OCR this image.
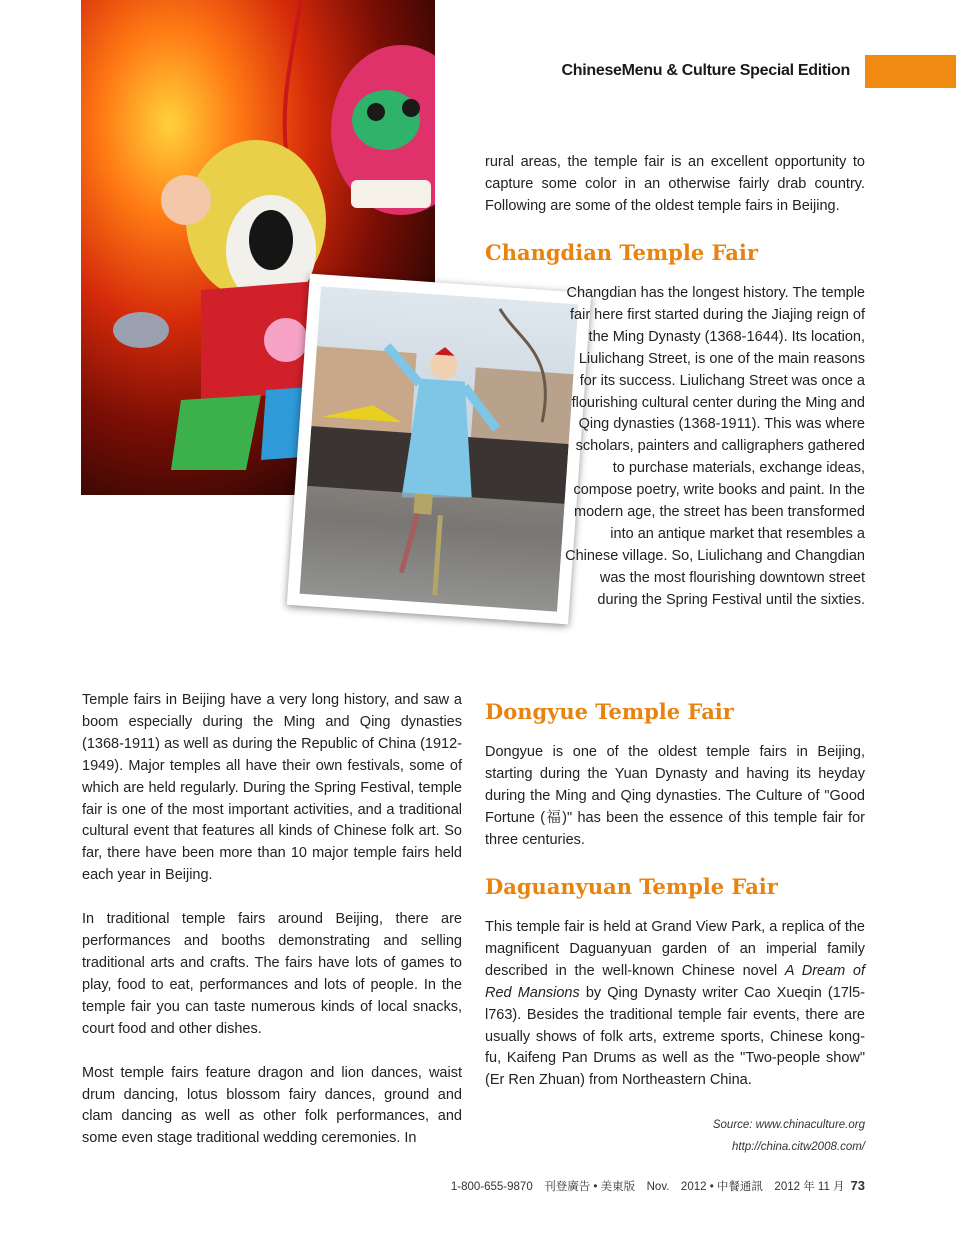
ChineseMenu & Culture Special Edition
rural areas, the temple fair is an excellent opportunity to capture some color in an otherwise fairly drab country. Following are some of the oldest temple fairs in Beijing.
Changdian Temple Fair
Changdian has the longest history. The temple fair here first started during the Jiajing reign of the Ming Dynasty (1368-1644). Its location, Liulichang Street, is one of the main reasons for its success. Liulichang Street was once a flourishing cultural center during the Ming and Qing dynasties (1368-1911). This was where scholars, painters and calligraphers gathered to purchase materials, exchange ideas, compose poetry, write books and paint. In the modern age, the street has been transformed into an antique market that resembles a Chinese village. So, Liulichang and Changdian was the most flourishing downtown street during the Spring Festival until the sixties.
Dongyue Temple Fair
Dongyue is one of the oldest temple fairs in Beijing, starting during the Yuan Dynasty and having its heyday during the Ming and Qing dynasties. The Culture of "Good Fortune (福)" has been the essence of this temple fair for three centuries.
Daguanyuan Temple Fair
This temple fair is held at Grand View Park, a replica of the magnificent Daguanyuan garden of an imperial family described in the well-known Chinese novel A Dream of Red Mansions by Qing Dynasty writer Cao Xueqin (17l5-l763). Besides the traditional temple fair events, there are usually shows of folk arts, extreme sports, Chinese kong-fu, Kaifeng Pan Drums as well as the "Two-people show" (Er Ren Zhuan) from Northeastern China.

Temple fairs in Beijing have a very long history, and saw a boom especially during the Ming and Qing dynasties (1368-1911) as well as during the Republic of China (1912-1949). Major temples all have their own festivals, some of which are held regularly. During the Spring Festival, temple fair is one of the most important activities, and a traditional cultural event that features all kinds of Chinese folk art. So far, there have been more than 10 major temple fairs held each year in Beijing.

In traditional temple fairs around Beijing, there are performances and booths demonstrating and selling traditional arts and crafts. The fairs have lots of games to play, food to eat, performances and lots of people. In the temple fair you can taste numerous kinds of local snacks, court food and other dishes.

Most temple fairs feature dragon and lion dances, waist drum dancing, lotus blossom fairy dances, ground and clam dancing as well as other folk performances, and some even stage traditional wedding ceremonies. In

Source: www.chinaculture.org
http://china.citw2008.com/
1-800-655-9870　刊登廣告 • 美東版　Nov.　2012 • 中餐通訊　2012 年 11 月 73
